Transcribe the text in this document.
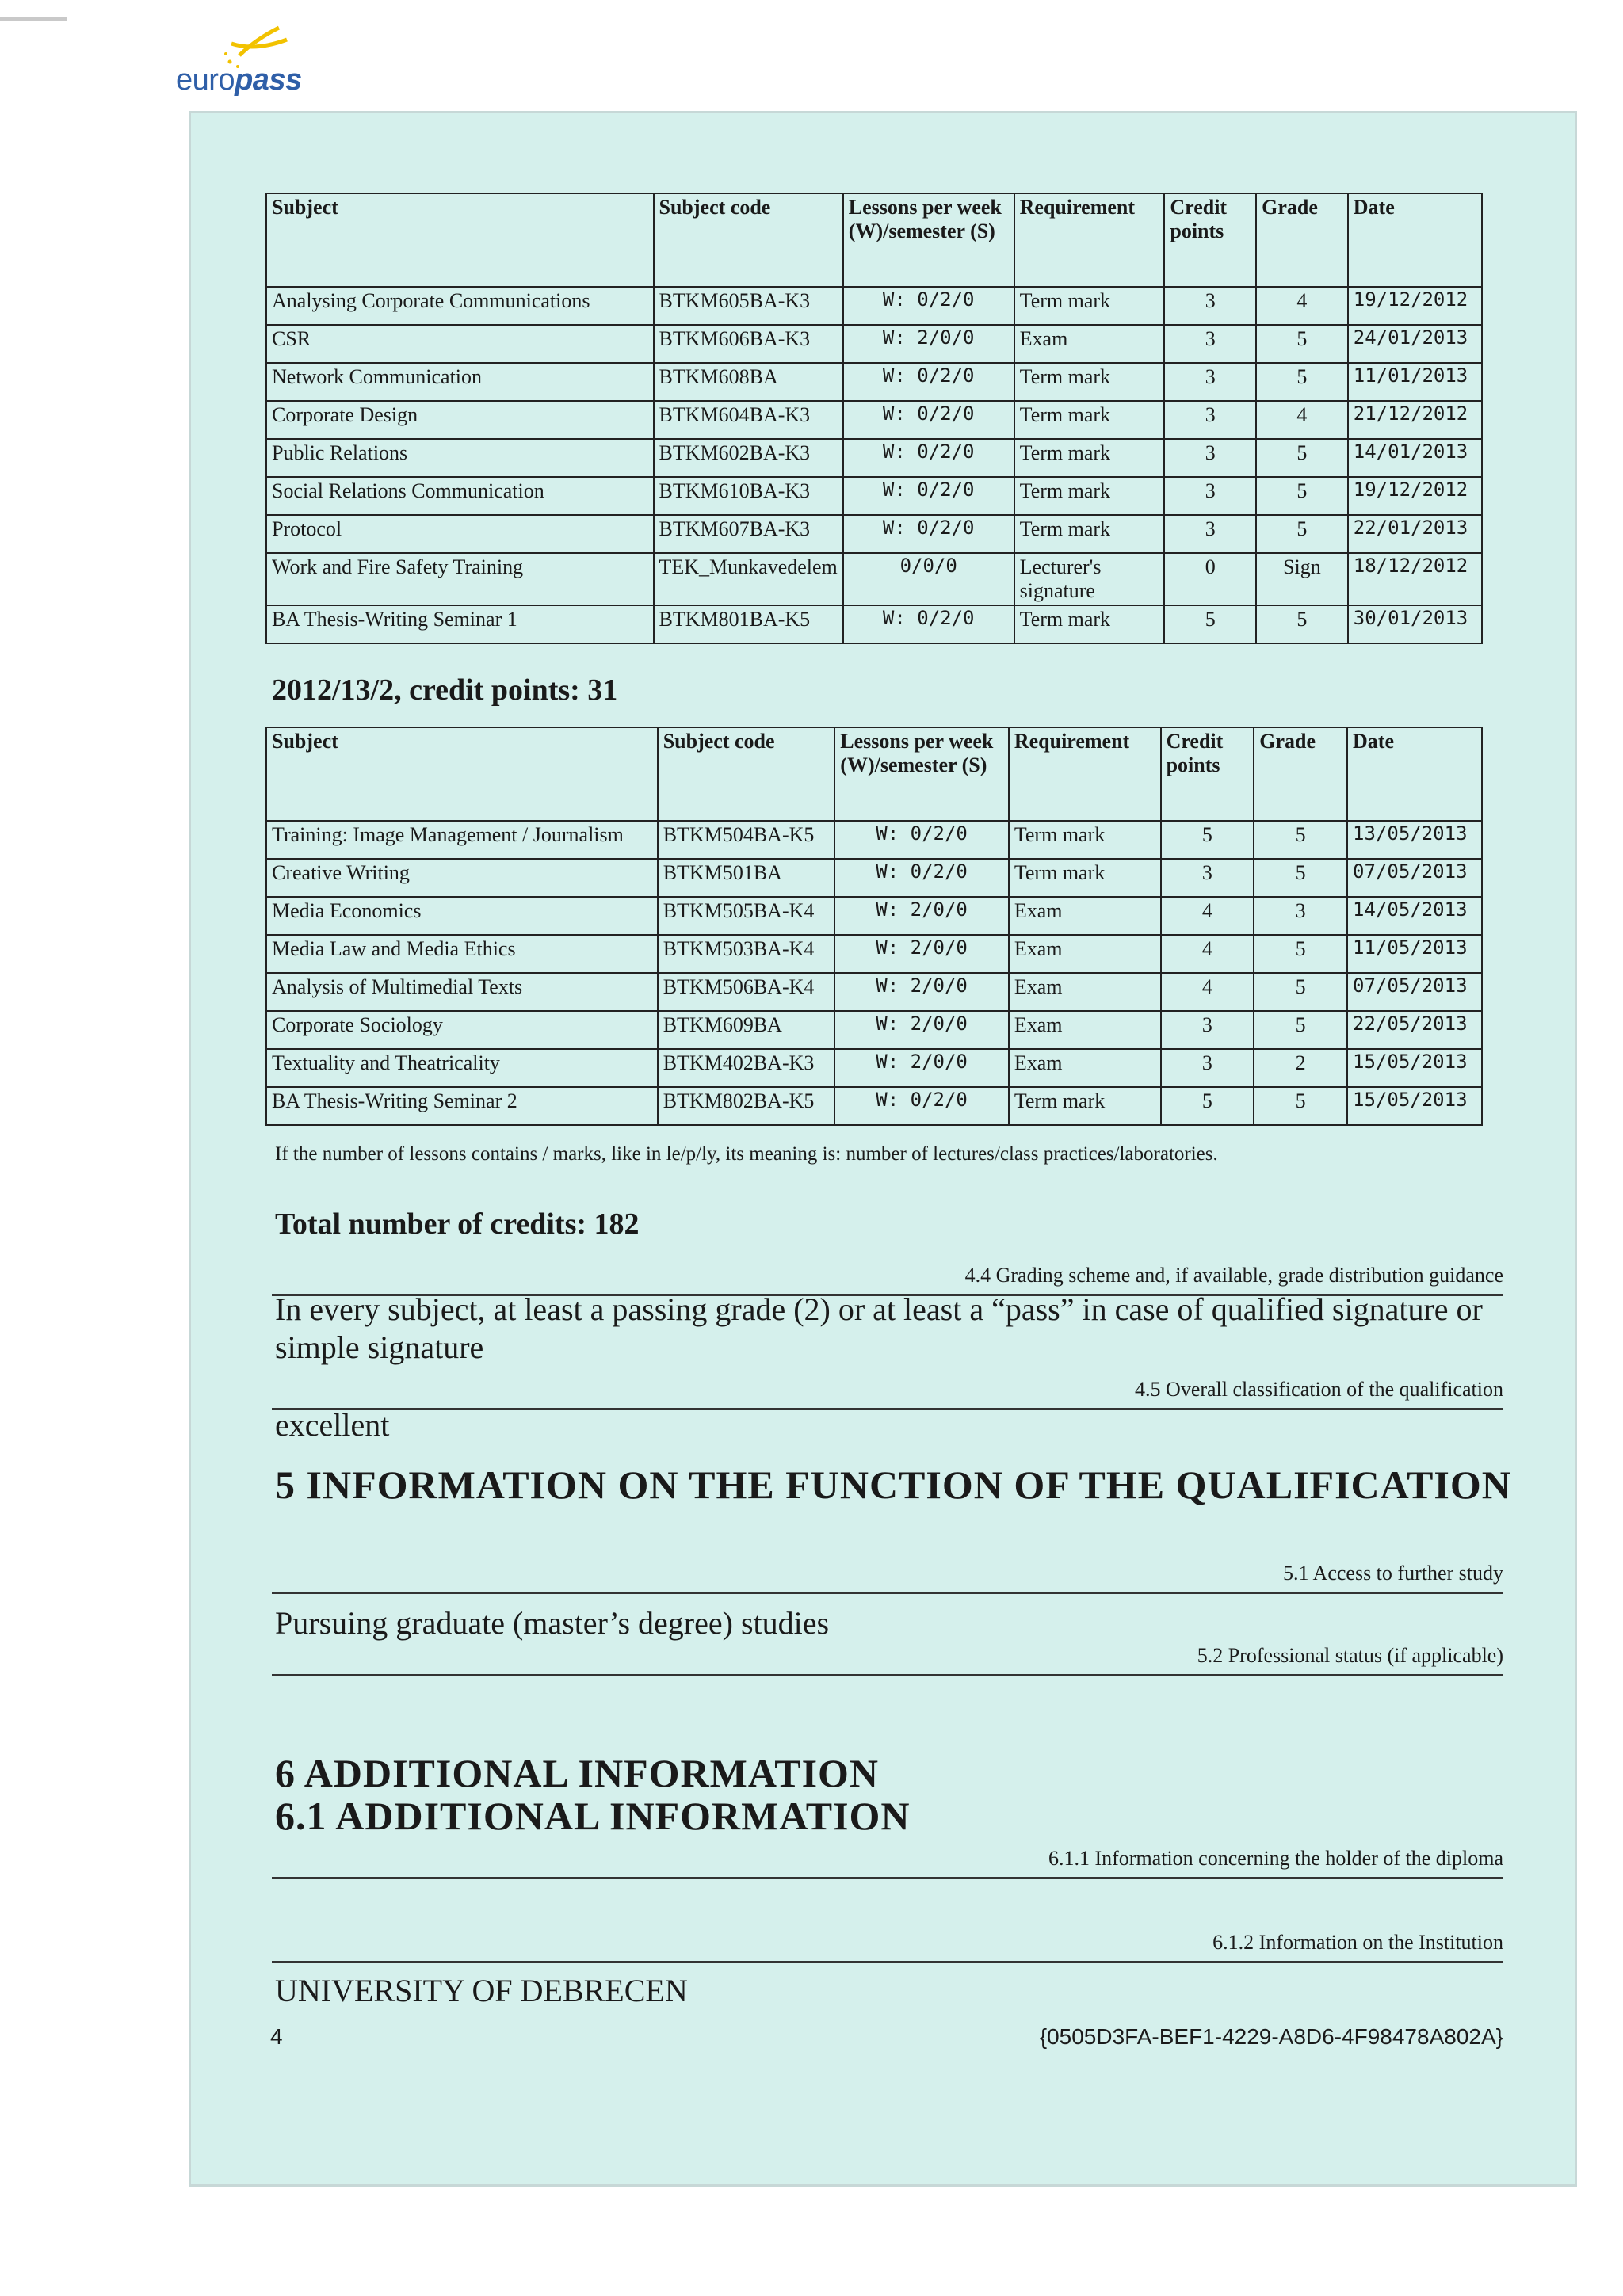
europass
Subject	Subject code	Lessons per week (W)/semester (S)	Requirement	Credit points	Grade	Date
Analysing Corporate Communications	BTKM605BA-K3	W: 0/2/0	Term mark	3	4	19/12/2012
CSR	BTKM606BA-K3	W: 2/0/0	Exam	3	5	24/01/2013
Network Communication	BTKM608BA	W: 0/2/0	Term mark	3	5	11/01/2013
Corporate Design	BTKM604BA-K3	W: 0/2/0	Term mark	3	4	21/12/2012
Public Relations	BTKM602BA-K3	W: 0/2/0	Term mark	3	5	14/01/2013
Social Relations Communication	BTKM610BA-K3	W: 0/2/0	Term mark	3	5	19/12/2012
Protocol	BTKM607BA-K3	W: 0/2/0	Term mark	3	5	22/01/2013
Work and Fire Safety Training	TEK_Munkavedelem	0/0/0	Lecturer's signature	0	Sign	18/12/2012
BA Thesis-Writing Seminar 1	BTKM801BA-K5	W: 0/2/0	Term mark	5	5	30/01/2013
2012/13/2, credit points: 31
Subject	Subject code	Lessons per week (W)/semester (S)	Requirement	Credit points	Grade	Date
Training: Image Management / Journalism	BTKM504BA-K5	W: 0/2/0	Term mark	5	5	13/05/2013
Creative Writing	BTKM501BA	W: 0/2/0	Term mark	3	5	07/05/2013
Media Economics	BTKM505BA-K4	W: 2/0/0	Exam	4	3	14/05/2013
Media Law and Media Ethics	BTKM503BA-K4	W: 2/0/0	Exam	4	5	11/05/2013
Analysis of Multimedial Texts	BTKM506BA-K4	W: 2/0/0	Exam	4	5	07/05/2013
Corporate Sociology	BTKM609BA	W: 2/0/0	Exam	3	5	22/05/2013
Textuality and Theatricality	BTKM402BA-K3	W: 2/0/0	Exam	3	2	15/05/2013
BA Thesis-Writing Seminar 2	BTKM802BA-K5	W: 0/2/0	Term mark	5	5	15/05/2013
If the number of lessons contains / marks, like in le/p/ly, its meaning is: number of lectures/class practices/laboratories.
Total number of credits: 182
4.4 Grading scheme and, if available, grade distribution guidance
In every subject, at least a passing grade (2) or at least a “pass” in case of qualified signature or simple signature
4.5 Overall classification of the qualification
excellent
5 INFORMATION ON THE FUNCTION OF THE QUALIFICATION
5.1 Access to further study
Pursuing graduate (master’s degree) studies
5.2 Professional status (if applicable)
6 ADDITIONAL INFORMATION
6.1 ADDITIONAL INFORMATION
6.1.1 Information concerning the holder of the diploma
6.1.2 Information on the Institution
UNIVERSITY OF DEBRECEN
4	{0505D3FA-BEF1-4229-A8D6-4F98478A802A}
